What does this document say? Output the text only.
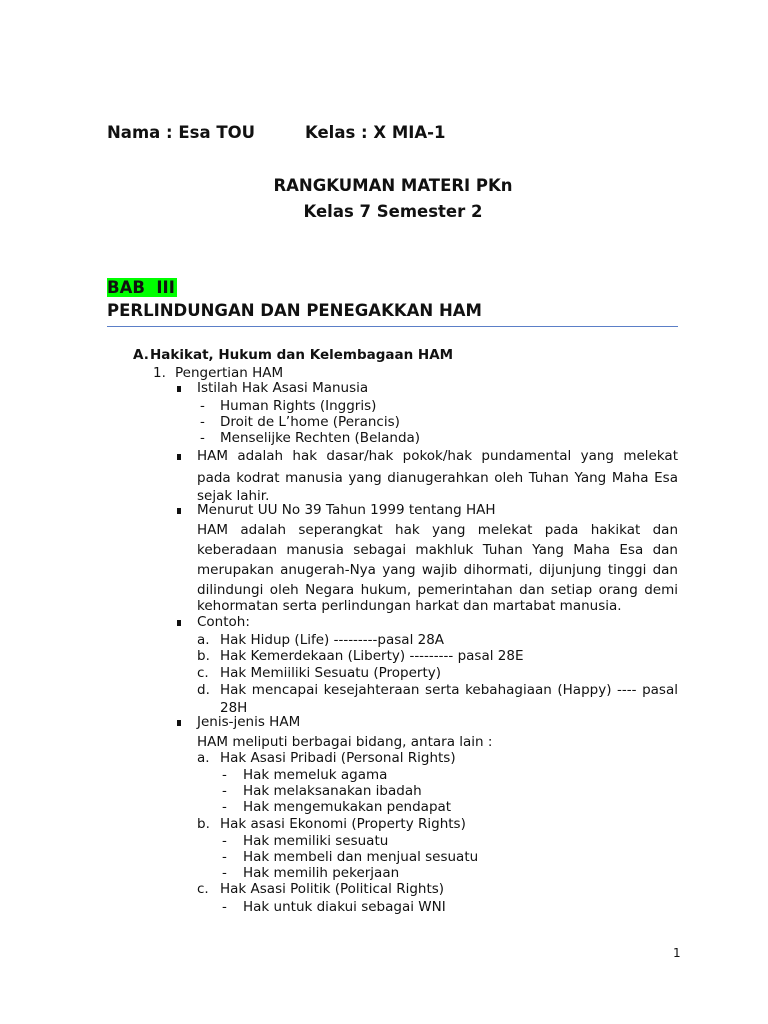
Nama : Esa TOU	Kelas : X MIA-1
RANGKUMAN MATERI PKn
Kelas 7 Semester 2
BAB  III
PERLINDUNGAN DAN PENEGAKKAN HAM
A. Hakikat, Hukum dan Kelembagaan HAM
1. Pengertian HAM
Istilah Hak Asasi Manusia
- Human Rights (Inggris)
- Droit de L’home (Perancis)
- Menselijke Rechten (Belanda)
HAM adalah hak dasar/hak pokok/hak pundamental yang melekat
pada kodrat manusia yang dianugerahkan oleh Tuhan Yang Maha Esa
sejak lahir.
Menurut UU No 39 Tahun 1999 tentang HAH
HAM adalah seperangkat hak yang melekat pada hakikat dan
keberadaan manusia sebagai makhluk Tuhan Yang Maha Esa dan
merupakan anugerah-Nya yang wajib dihormati, dijunjung tinggi dan
dilindungi oleh Negara hukum, pemerintahan dan setiap orang demi
kehormatan serta perlindungan harkat dan martabat manusia.
Contoh:
a. Hak Hidup (Life) ---------pasal 28A
b. Hak Kemerdekaan (Liberty) --------- pasal 28E
c. Hak Memiiliki Sesuatu (Property)
d. Hak mencapai kesejahteraan serta kebahagiaan (Happy) ---- pasal
28H
Jenis-jenis HAM
HAM meliputi berbagai bidang, antara lain :
a. Hak Asasi Pribadi (Personal Rights)
- Hak memeluk agama
- Hak melaksanakan ibadah
- Hak mengemukakan pendapat
b. Hak asasi Ekonomi (Property Rights)
- Hak memiliki sesuatu
- Hak membeli dan menjual sesuatu
- Hak memilih pekerjaan
c. Hak Asasi Politik (Political Rights)
- Hak untuk diakui sebagai WNI
1
